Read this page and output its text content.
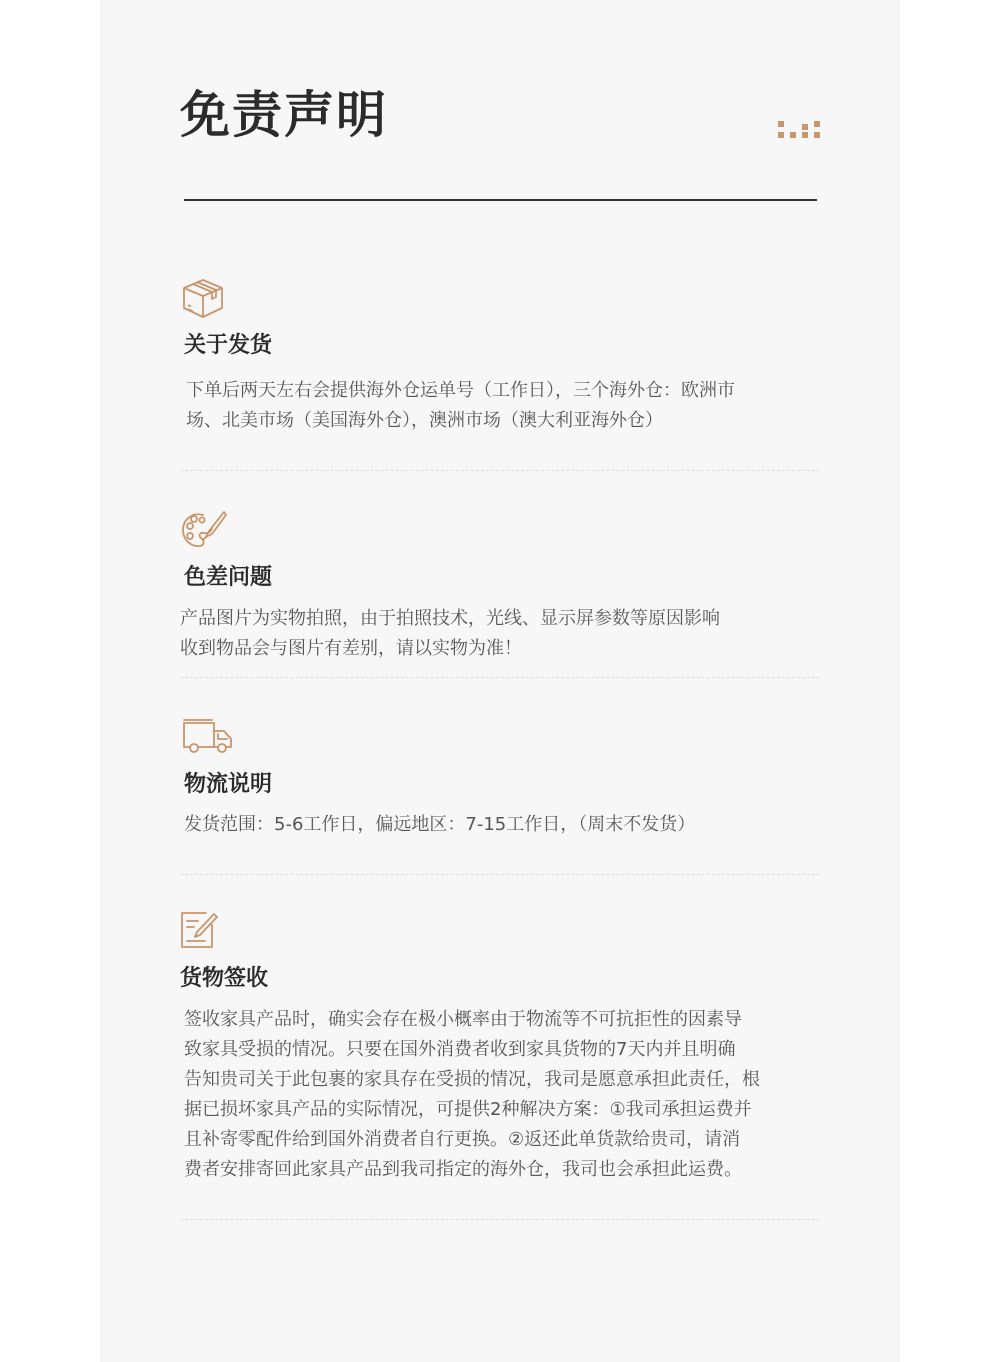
免责声明
关于发货
下单后两天左右会提供海外仓运单号（工作日），三个海外仓：欧洲市
场、北美市场（美国海外仓），澳洲市场（澳大利亚海外仓）
色差问题
产品图片为实物拍照，由于拍照技术，光线、显示屏参数等原因影响
收到物品会与图片有差别，请以实物为准！
物流说明
发货范围：5-6工作日，偏远地区：7-15工作日，（周末不发货）
货物签收
签收家具产品时，确实会存在极小概率由于物流等不可抗拒性的因素导
致家具受损的情况。只要在国外消费者收到家具货物的7天内并且明确
告知贵司关于此包裹的家具存在受损的情况，我司是愿意承担此责任，根
据已损坏家具产品的实际情况，可提供2种解决方案：①我司承担运费并
且补寄零配件给到国外消费者自行更换。②返还此单货款给贵司，请消
费者安排寄回此家具产品到我司指定的海外仓，我司也会承担此运费。
